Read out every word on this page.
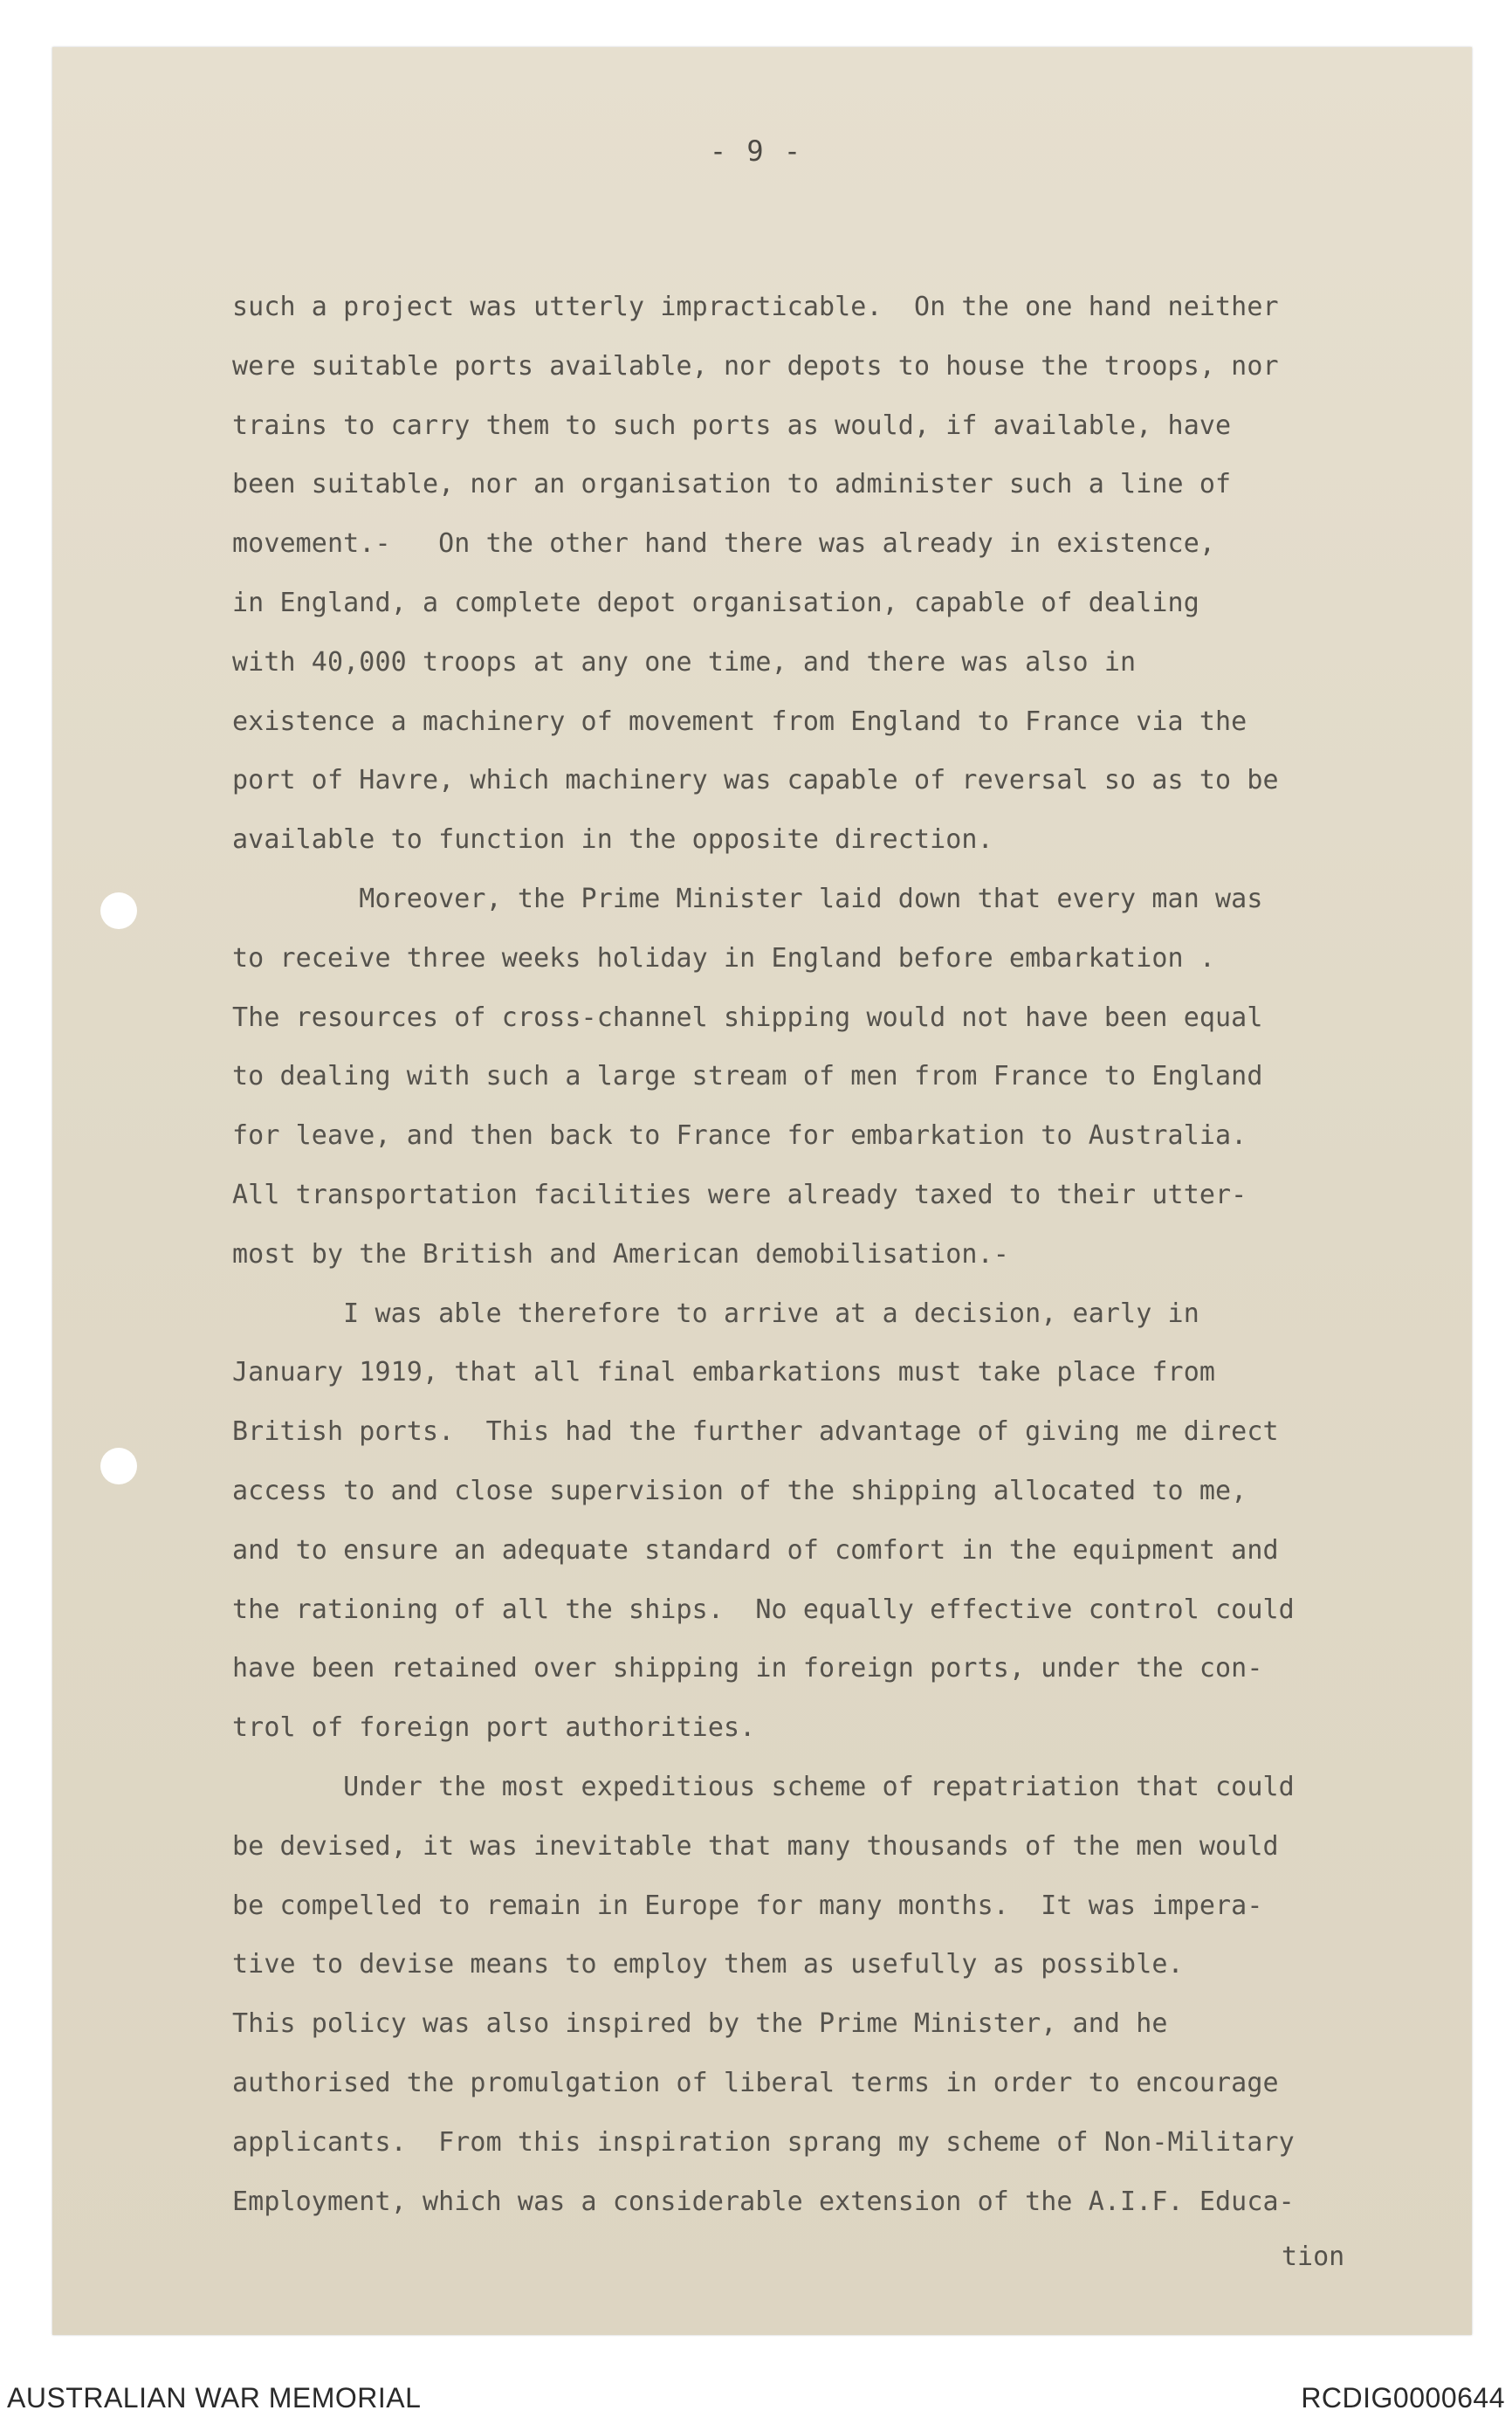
- 9 -
such a project was utterly impracticable.  On the one hand neither
were suitable ports available, nor depots to house the troops, nor
trains to carry them to such ports as would, if available, have
been suitable, nor an organisation to administer such a line of
movement.-   On the other hand there was already in existence,
in England, a complete depot organisation, capable of dealing
with 40,000 troops at any one time, and there was also in
existence a machinery of movement from England to France via the
port of Havre, which machinery was capable of reversal so as to be
available to function in the opposite direction.
Moreover, the Prime Minister laid down that every man was
to receive three weeks holiday in England before embarkation .
The resources of cross-channel shipping would not have been equal
to dealing with such a large stream of men from France to England
for leave, and then back to France for embarkation to Australia.
All transportation facilities were already taxed to their utter-
most by the British and American demobilisation.-
I was able therefore to arrive at a decision, early in
January 1919, that all final embarkations must take place from
British ports.  This had the further advantage of giving me direct
access to and close supervision of the shipping allocated to me,
and to ensure an adequate standard of comfort in the equipment and
the rationing of all the ships.  No equally effective control could
have been retained over shipping in foreign ports, under the con-
trol of foreign port authorities.
Under the most expeditious scheme of repatriation that could
be devised, it was inevitable that many thousands of the men would
be compelled to remain in Europe for many months.  It was impera-
tive to devise means to employ them as usefully as possible.
This policy was also inspired by the Prime Minister, and he
authorised the promulgation of liberal terms in order to encourage
applicants.  From this inspiration sprang my scheme of Non-Military
Employment, which was a considerable extension of the A.I.F. Educa-
tion
AUSTRALIAN WAR MEMORIAL	RCDIG0000644
